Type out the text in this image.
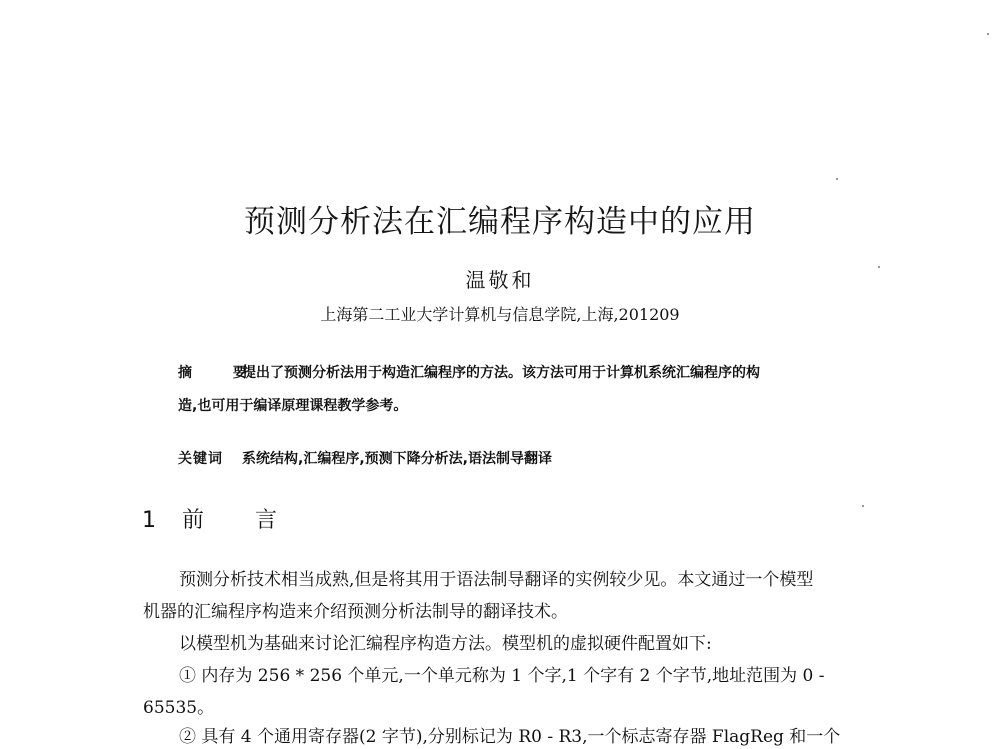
预测分析法在汇编程序构造中的应用
温敬和
上海第二工业大学计算机与信息学院,上海,201209
摘 要
提出了预测分析法用于构造汇编程序的方法。该方法可用于计算机系统汇编程序的构
造,也可用于编译原理课程教学参考。
关键词 系统结构,汇编程序,预测下降分析法,语法制导翻译
1 前 言
预测分析技术相当成熟,但是将其用于语法制导翻译的实例较少见。本文通过一个模型
机器的汇编程序构造来介绍预测分析法制导的翻译技术。
以模型机为基础来讨论汇编程序构造方法。模型机的虚拟硬件配置如下:
① 内存为 256 * 256 个单元,一个单元称为 1 个字,1 个字有 2 个字节,地址范围为 0 -
65535。
② 具有 4 个通用寄存器(2 字节),分别标记为 R0 - R3,一个标志寄存器 FlagReg 和一个
